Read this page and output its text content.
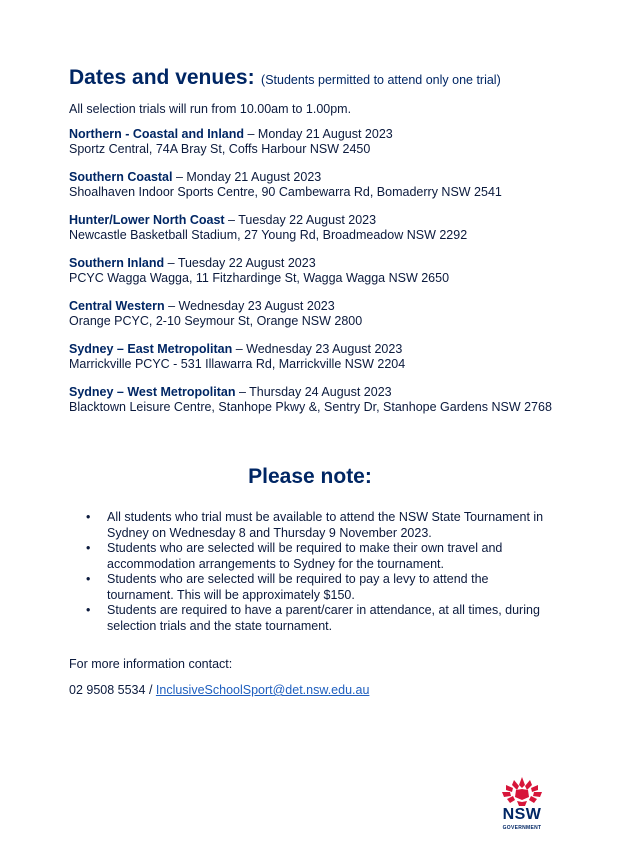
Dates and venues: (Students permitted to attend only one trial)
All selection trials will run from 10.00am to 1.00pm.
Northern - Coastal and Inland – Monday 21 August 2023
Sportz Central, 74A Bray St, Coffs Harbour NSW 2450
Southern Coastal – Monday 21 August 2023
Shoalhaven Indoor Sports Centre, 90 Cambewarra Rd, Bomaderry NSW 2541
Hunter/Lower North Coast – Tuesday 22 August 2023
Newcastle Basketball Stadium, 27 Young Rd, Broadmeadow NSW 2292
Southern Inland – Tuesday 22 August 2023
PCYC Wagga Wagga, 11 Fitzhardinge St, Wagga Wagga NSW 2650
Central Western – Wednesday 23 August 2023
Orange PCYC, 2-10 Seymour St, Orange NSW 2800
Sydney – East Metropolitan – Wednesday 23 August 2023
Marrickville PCYC - 531 Illawarra Rd, Marrickville NSW 2204
Sydney – West Metropolitan – Thursday 24 August 2023
Blacktown Leisure Centre, Stanhope Pkwy &, Sentry Dr, Stanhope Gardens NSW 2768
Please note:
• All students who trial must be available to attend the NSW State Tournament in Sydney on Wednesday 8 and Thursday 9 November 2023.
• Students who are selected will be required to make their own travel and accommodation arrangements to Sydney for the tournament.
• Students who are selected will be required to pay a levy to attend the tournament. This will be approximately $150.
• Students are required to have a parent/carer in attendance, at all times, during selection trials and the state tournament.
For more information contact:
02 9508 5534 / InclusiveSchoolSport@det.nsw.edu.au
NSW
GOVERNMENT
